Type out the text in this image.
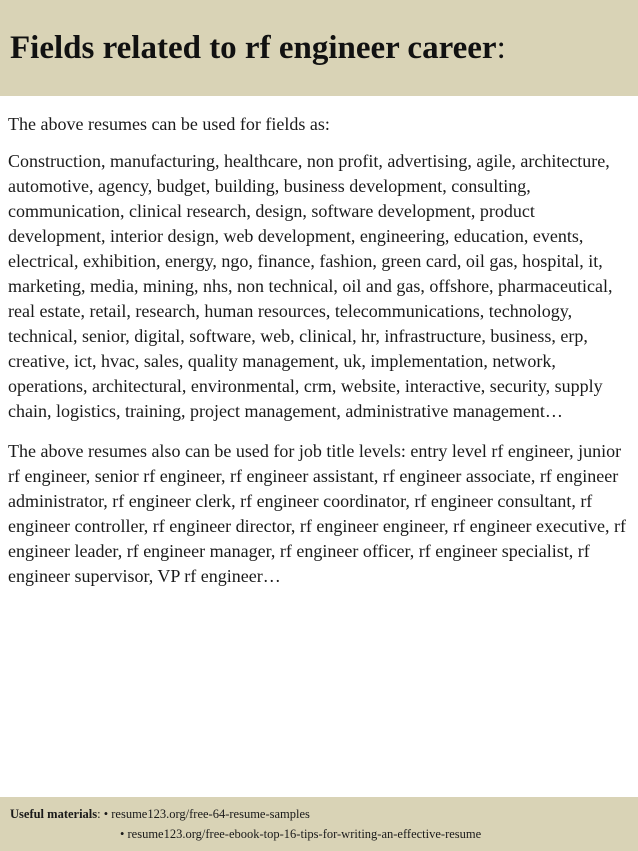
Fields related to rf engineer career:

The above resumes can be used for fields as:

Construction, manufacturing, healthcare, non profit, advertising, agile, architecture, automotive, agency, budget, building, business development, consulting, communication, clinical research, design, software development, product development, interior design, web development, engineering, education, events, electrical, exhibition, energy, ngo, finance, fashion, green card, oil gas, hospital, it, marketing, media, mining, nhs, non technical, oil and gas, offshore, pharmaceutical, real estate, retail, research, human resources, telecommunications, technology, technical, senior, digital, software, web, clinical, hr, infrastructure, business, erp, creative, ict, hvac, sales, quality management, uk, implementation, network, operations, architectural, environmental, crm, website, interactive, security, supply chain, logistics, training, project management, administrative management…

The above resumes also can be used for job title levels: entry level rf engineer, junior rf engineer, senior rf engineer, rf engineer assistant, rf engineer associate, rf engineer administrator, rf engineer clerk, rf engineer coordinator, rf engineer consultant, rf engineer controller, rf engineer director, rf engineer engineer, rf engineer executive, rf engineer leader, rf engineer manager, rf engineer officer, rf engineer specialist, rf engineer supervisor, VP rf engineer…

Useful materials: • resume123.org/free-64-resume-samples
• resume123.org/free-ebook-top-16-tips-for-writing-an-effective-resume
